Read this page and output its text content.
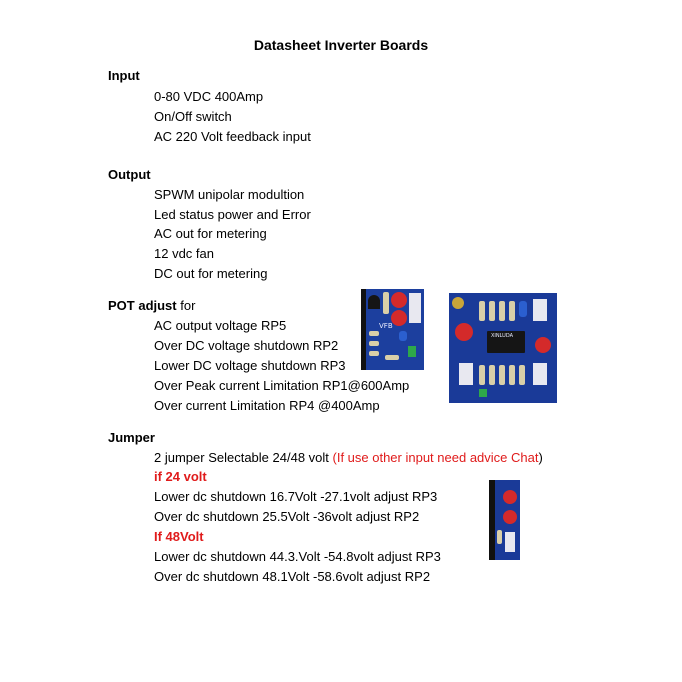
Datasheet Inverter Boards
Input
0-80 VDC 400Amp
On/Off switch
AC 220 Volt feedback input
Output
SPWM unipolar modultion
Led status power and Error
AC out for metering
12 vdc fan
DC out for metering
POT adjust for
AC output voltage RP5
Over DC voltage shutdown RP2
Lower DC voltage shutdown RP3
Over Peak current Limitation RP1@600Amp
Over current Limitation RP4 @400Amp
Jumper
2 jumper Selectable 24/48 volt (If use other input need advice Chat)
if 24 volt
Lower dc shutdown 16.7Volt -27.1volt adjust RP3
Over dc shutdown 25.5Volt -36volt adjust RP2
If 48Volt
Lower dc shutdown 44.3.Volt -54.8volt adjust RP3
Over dc shutdown 48.1Volt -58.6volt adjust RP2
VFB
XINLUDA
